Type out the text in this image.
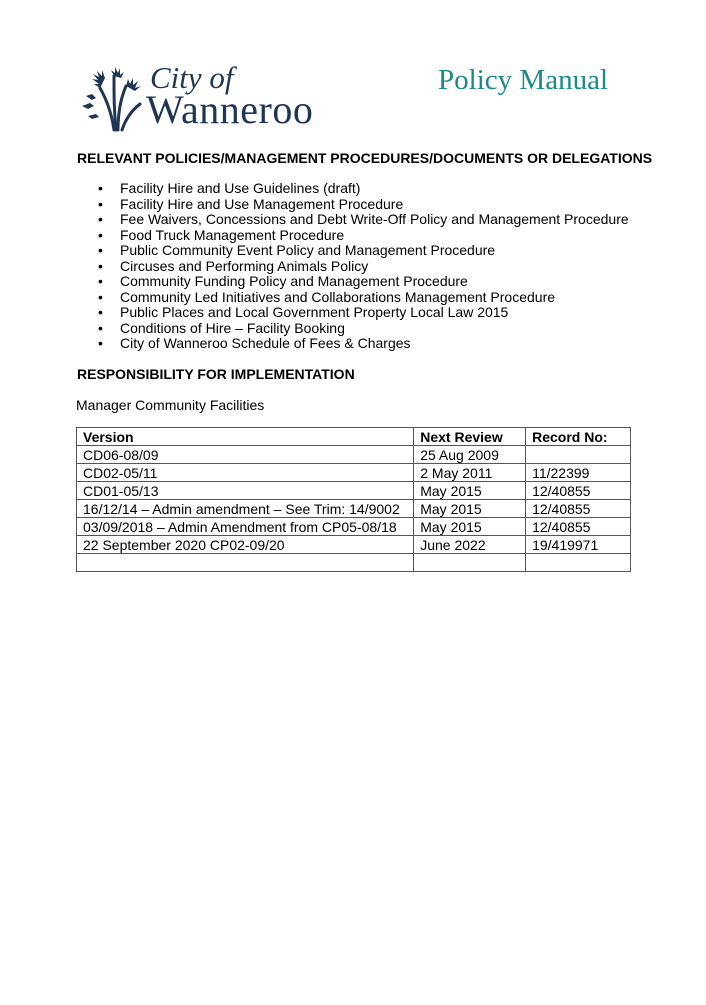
City of
Wanneroo
Policy Manual
RELEVANT POLICIES/MANAGEMENT PROCEDURES/DOCUMENTS OR DELEGATIONS
• Facility Hire and Use Guidelines (draft)
• Facility Hire and Use Management Procedure
• Fee Waivers, Concessions and Debt Write-Off Policy and Management Procedure
• Food Truck Management Procedure
• Public Community Event Policy and Management Procedure
• Circuses and Performing Animals Policy
• Community Funding Policy and Management Procedure
• Community Led Initiatives and Collaborations Management Procedure
• Public Places and Local Government Property Local Law 2015
• Conditions of Hire – Facility Booking
• City of Wanneroo Schedule of Fees & Charges
RESPONSIBILITY FOR IMPLEMENTATION
Manager Community Facilities
Version	Next Review	Record No:
CD06-08/09	25 Aug 2009	
CD02-05/11	2 May 2011	11/22399
CD01-05/13	May 2015	12/40855
16/12/14 – Admin amendment – See Trim: 14/9002	May 2015	12/40855
03/09/2018 – Admin Amendment from CP05-08/18	May 2015	12/40855
22 September 2020 CP02-09/20	June 2022	19/419971
